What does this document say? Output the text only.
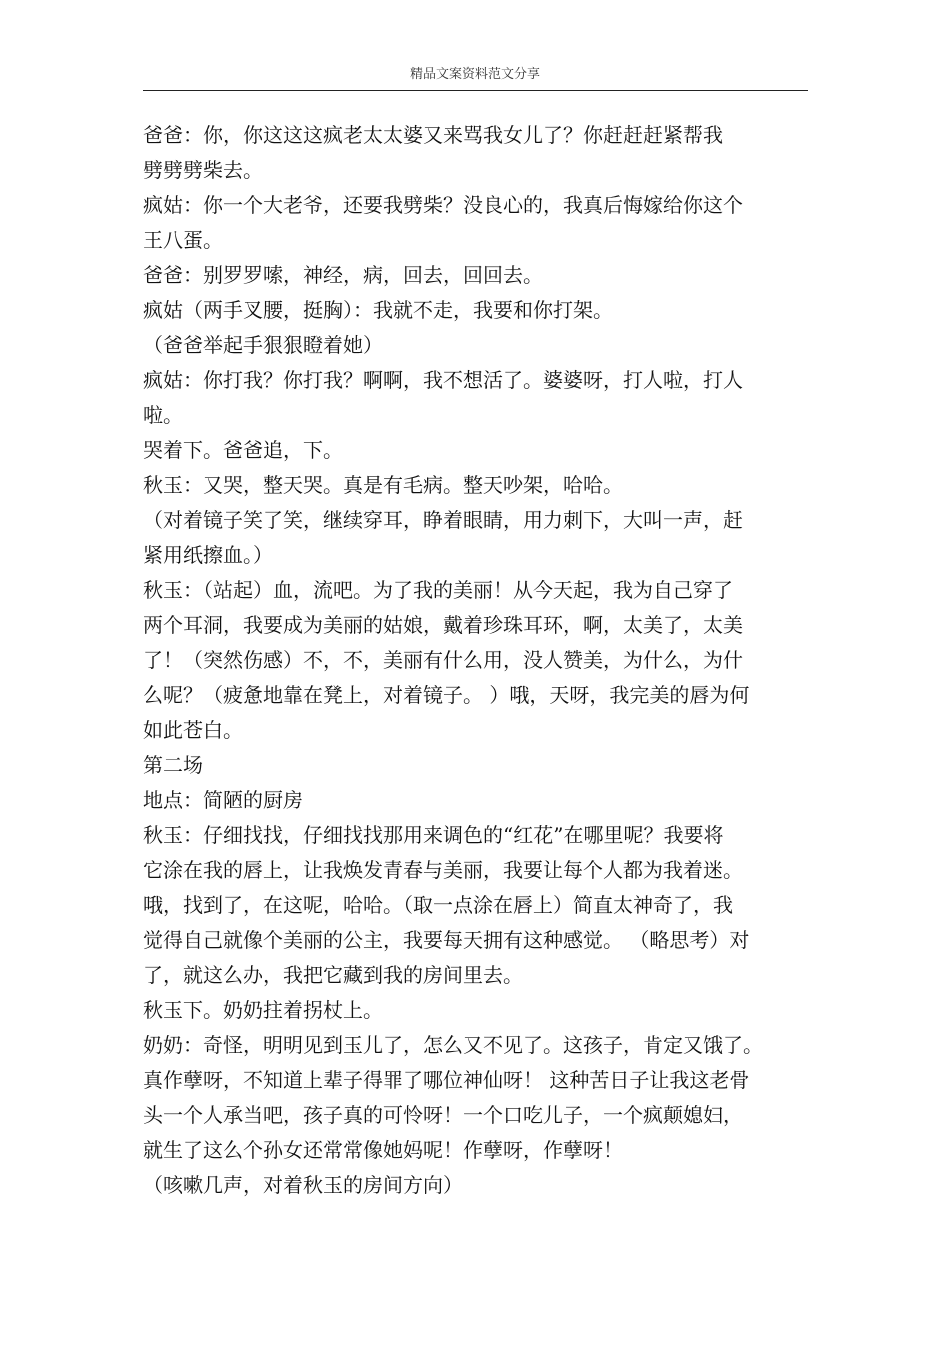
精品文案资料范文分享
爸爸：你，你这这这疯老太太婆又来骂我女儿了？你赶赶赶紧帮我
劈劈劈柴去。
疯姑：你一个大老爷，还要我劈柴？没良心的，我真后悔嫁给你这个
王八蛋。
爸爸：别罗罗嗦，神经，病，回去，回回去。
疯姑（两手叉腰，挺胸）：我就不走，我要和你打架。
（爸爸举起手狠狠瞪着她）
疯姑：你打我？你打我？啊啊，我不想活了。婆婆呀，打人啦，打人
啦。
哭着下。爸爸追，下。
秋玉：又哭，整天哭。真是有毛病。整天吵架，哈哈。
（对着镜子笑了笑，继续穿耳，睁着眼睛，用力刺下，大叫一声，赶
紧用纸擦血。）
秋玉：（站起）血，流吧。为了我的美丽！从今天起，我为自己穿了
两个耳洞，我要成为美丽的姑娘，戴着珍珠耳环，啊，太美了，太美
了！（突然伤感）不，不，美丽有什么用，没人赞美，为什么，为什
么呢？（疲惫地靠在凳上，对着镜子。 ）哦，天呀，我完美的唇为何
如此苍白。
第二场
地点：简陋的厨房
秋玉：仔细找找，仔细找找那用来调色的“红花”在哪里呢？我要将
它涂在我的唇上，让我焕发青春与美丽，我要让每个人都为我着迷。
哦，找到了，在这呢，哈哈。（取一点涂在唇上）简直太神奇了，我
觉得自己就像个美丽的公主，我要每天拥有这种感觉。 （略思考）对
了，就这么办，我把它藏到我的房间里去。
秋玉下。奶奶拄着拐杖上。
奶奶：奇怪，明明见到玉儿了，怎么又不见了。这孩子，肯定又饿了。
真作孽呀，不知道上辈子得罪了哪位神仙呀！ 这种苦日子让我这老骨
头一个人承当吧，孩子真的可怜呀！一个口吃儿子，一个疯颠媳妇，
就生了这么个孙女还常常像她妈呢！作孽呀，作孽呀！
（咳嗽几声，对着秋玉的房间方向）
